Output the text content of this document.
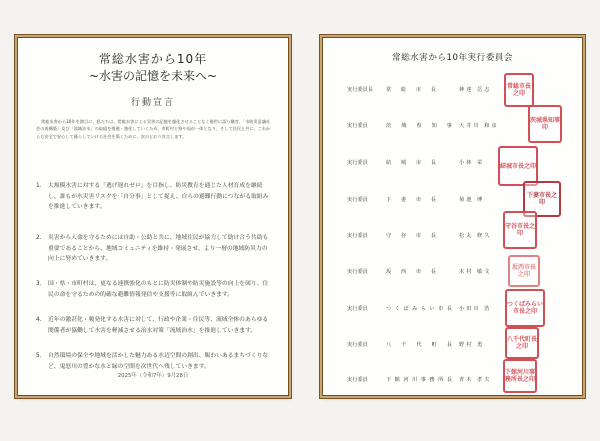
常総水害から10年
~水害の記憶を未来へ~
行動宣言
常総水害から10年を節目に、私たちは、常総水害による災害の記憶を風化させることなく後世に語り継ぎ、「水防災意識社会の再構築」及び「流域治水」の取組を推進・強化していくため、市町村と県や国が一体となり、そして住民と共に、これからも安全で安心して暮らしていける社会を築くために、次のとおり宣言します。
1.	大規模水害に対する「逃げ遅れゼロ」を目指し、防災教育を通じた人材育成を継続し、誰もが水災害リスクを「自分事」として捉え、自らの避難行動につながる取組みを推進していきます。
2.	災害から人命を守るためには自助・公助と共に、地域住民が協力して助け合う共助も重要であることから、地域コミュニティを維持・発展させ、より一層の地域防災力の向上に努めていきます。
3.	国・県・市町村は、更なる連携強化のもとに防災体制や防災施設等の向上を図り、住民の命を守るための的確な避難情報発信や支援等に取組んでいきます。
4.	近年の激甚化・頻発化する水害に対して、行政や企業・住民等、流域全体のあらゆる関係者が協働して水害を軽減させる治水対策「流域治水」を推進していきます。
5.	自然環境の保全や地域を活かした魅力ある水辺空間の創出、賑わいあるまちづくりなど、鬼怒川の豊かな水と緑の空間を次世代へ残していきます。
2025年（令和7年）9月28日
常総水害から10年実行委員会
実行委員長	常 総 市 長	神達 岳志	常総市長之印
実行委員	茨 城 県 知 事 大井川 和彦
茨城県知事印
実行委員	結 城 市 長	小林 栄	結城市長之印
実行委員	下 妻 市 長	菊池 博
下妻市長之印
実行委員	守 谷 市 長	松丸 修久
守谷市長之印
実行委員	坂 西 市 長	木村 敏文
坂西市長之印
実行委員	つくばみらい市長 小田川 浩
つくばみらい市長之印
実行委員	八 千 代 町 長 野村 勇
八千代町長之印
実行委員	下館河川事務所長 青木 孝夫
下館河川事務所長之印
